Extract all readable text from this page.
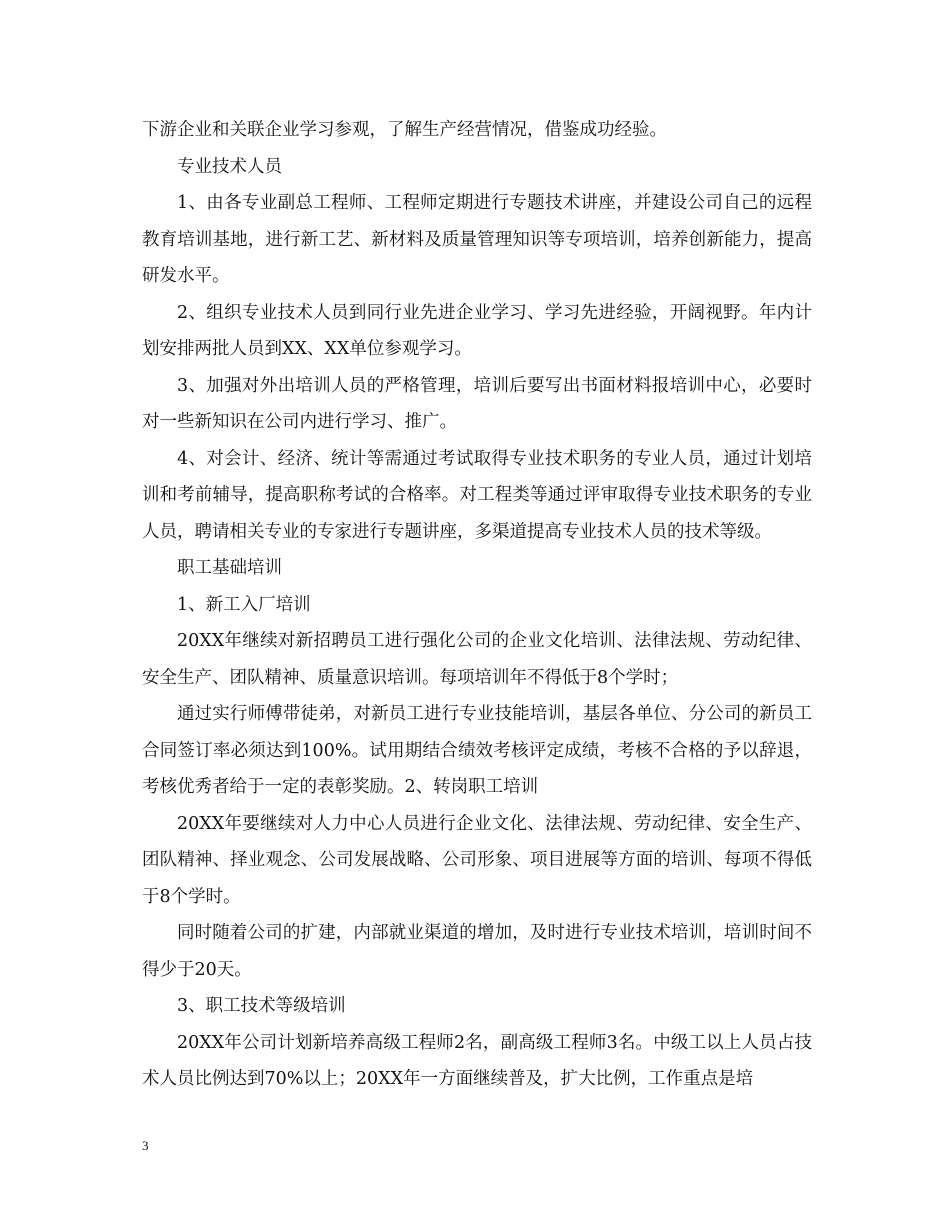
下游企业和关联企业学习参观，了解生产经营情况，借鉴成功经验。

专业技术人员

1、由各专业副总工程师、工程师定期进行专题技术讲座，并建设公司自己的远程教育培训基地，进行新工艺、新材料及质量管理知识等专项培训，培养创新能力，提高研发水平。

2、组织专业技术人员到同行业先进企业学习、学习先进经验，开阔视野。年内计划安排两批人员到XX、XX单位参观学习。

3、加强对外出培训人员的严格管理，培训后要写出书面材料报培训中心，必要时对一些新知识在公司内进行学习、推广。

4、对会计、经济、统计等需通过考试取得专业技术职务的专业人员，通过计划培训和考前辅导，提高职称考试的合格率。对工程类等通过评审取得专业技术职务的专业人员，聘请相关专业的专家进行专题讲座，多渠道提高专业技术人员的技术等级。

职工基础培训

1、新工入厂培训

20XX年继续对新招聘员工进行强化公司的企业文化培训、法律法规、劳动纪律、安全生产、团队精神、质量意识培训。每项培训年不得低于8个学时；

通过实行师傅带徒弟，对新员工进行专业技能培训，基层各单位、分公司的新员工合同签订率必须达到100%。试用期结合绩效考核评定成绩，考核不合格的予以辞退，考核优秀者给于一定的表彰奖励。2、转岗职工培训

20XX年要继续对人力中心人员进行企业文化、法律法规、劳动纪律、安全生产、团队精神、择业观念、公司发展战略、公司形象、项目进展等方面的培训、每项不得低于8个学时。

同时随着公司的扩建，内部就业渠道的增加，及时进行专业技术培训，培训时间不得少于20天。

3、职工技术等级培训

20XX年公司计划新培养高级工程师2名，副高级工程师3名。中级工以上人员占技术人员比例达到70%以上；20XX年一方面继续普及，扩大比例，工作重点是培

3
